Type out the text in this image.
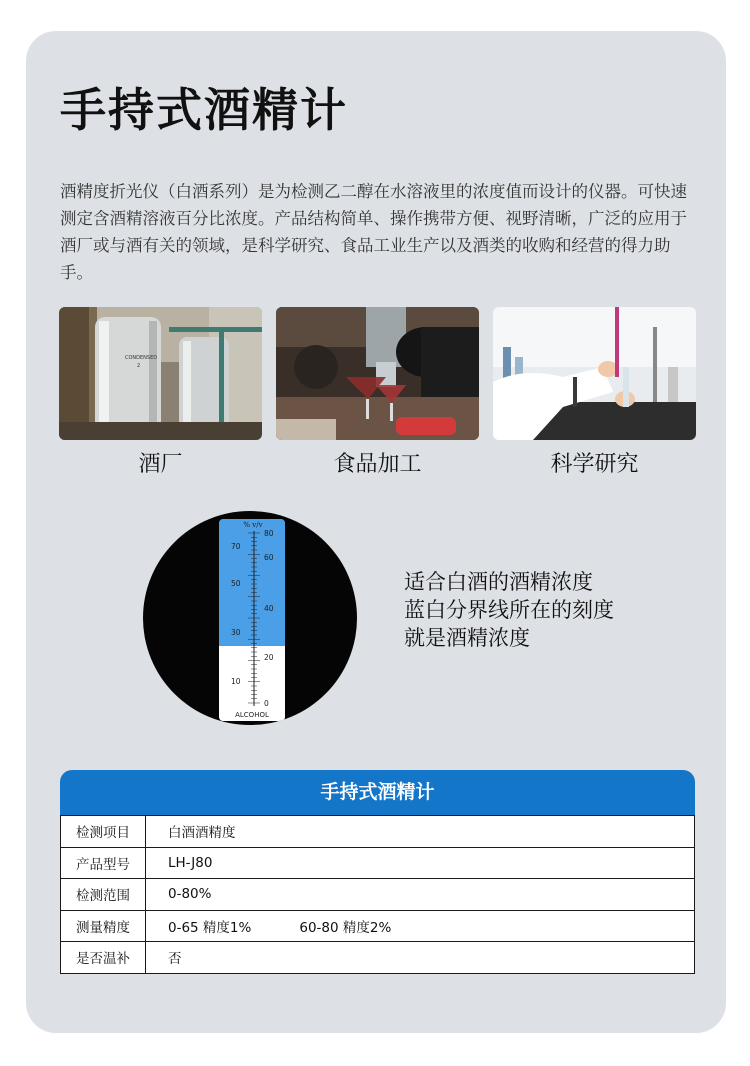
手持式酒精计

酒精度折光仪（白酒系列）是为检测乙二醇在水溶液里的浓度值而设计的仪器。可快速测定含酒精溶液百分比浓度。产品结构简单、操作携带方便、视野清晰，广泛的应用于酒厂或与酒有关的领域，是科学研究、食品工业生产以及酒类的收购和经营的得力助手。

CONDENSED
2
酒厂	食品加工	科学研究
% v/v
80
60
40
20
0
70
50
30
10
ALCOHOL
适合白酒的酒精浓度
蓝白分界线所在的刻度
就是酒精浓度
手持式酒精计
检测项目	白酒酒精度
产品型号	LH-J80
检测范围	0-80%
测量精度	0-65 精度1% 60-80 精度2%
是否温补	否
